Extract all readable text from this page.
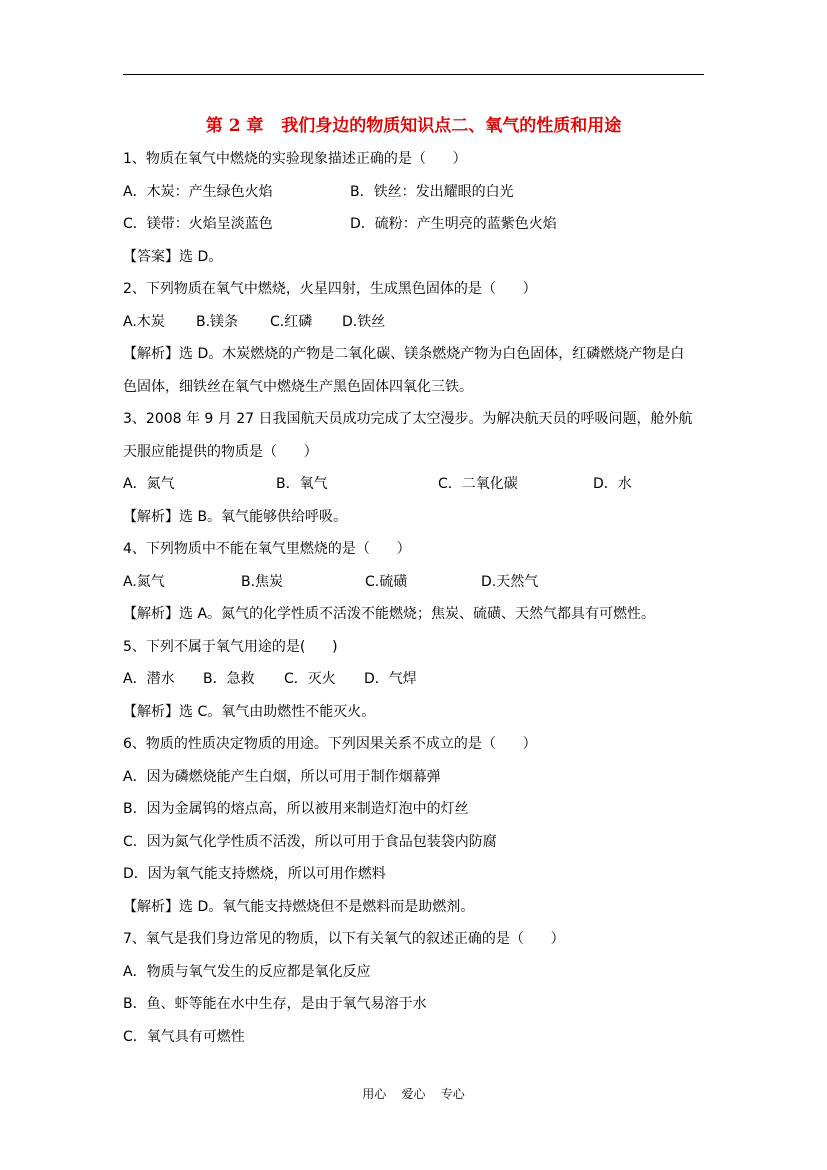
第 2 章   我们身边的物质知识点二、氧气的性质和用途
1、物质在氧气中燃烧的实验现象描述正确的是（      ）
A．木炭：产生绿色火焰	B．铁丝：发出耀眼的白光
C．镁带：火焰呈淡蓝色	D．硫粉：产生明亮的蓝紫色火焰
【答案】选 D。
2、下列物质在氧气中燃烧，火星四射，生成黑色固体的是（      ）
A.木炭 B.镁条 C.红磷 D.铁丝
【解析】选 D。木炭燃烧的产物是二氧化碳、镁条燃烧产物为白色固体，红磷燃烧产物是白
色固体，细铁丝在氧气中燃烧生产黑色固体四氧化三铁。
3、2008 年 9 月 27 日我国航天员成功完成了太空漫步。为解决航天员的呼吸问题，舱外航
天服应能提供的物质是（      ）
A．氮气	B．氧气	C．二氧化碳	D．水
【解析】选 B。氧气能够供给呼吸。
4、下列物质中不能在氧气里燃烧的是（      ）
A.氮气	B.焦炭	C.硫磺	D.天然气
【解析】选 A。氮气的化学性质不活泼不能燃烧；焦炭、硫磺、天然气都具有可燃性。
5、下列不属于氧气用途的是(      )
A．潜水 B．急救 C．灭火 D．气焊
【解析】选 C。氧气由助燃性不能灭火。
6、物质的性质决定物质的用途。下列因果关系不成立的是（      ）
A．因为磷燃烧能产生白烟，所以可用于制作烟幕弹
B．因为金属钨的熔点高，所以被用来制造灯泡中的灯丝
C．因为氮气化学性质不活泼，所以可用于食品包装袋内防腐
D．因为氧气能支持燃烧，所以可用作燃料
【解析】选 D。氧气能支持燃烧但不是燃料而是助燃剂。
7、氧气是我们身边常见的物质，以下有关氧气的叙述正确的是（      ）
A．物质与氧气发生的反应都是氧化反应
B．鱼、虾等能在水中生存，是由于氧气易溶于水
C．氧气具有可燃性
用心    爱心    专心
